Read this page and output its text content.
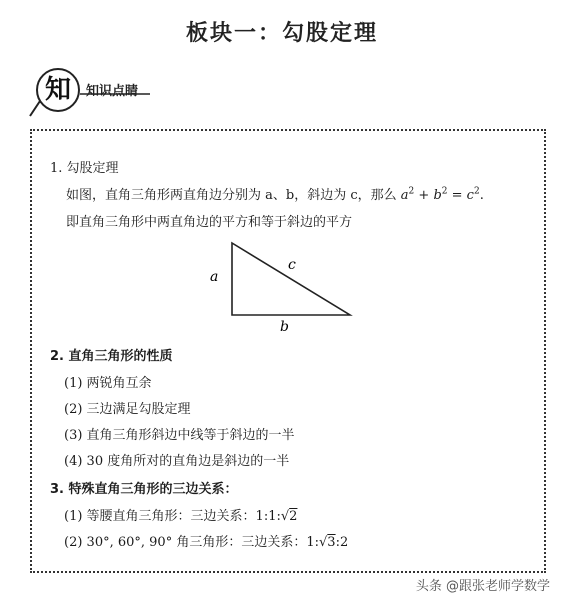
板块一：勾股定理
知	知识点睛
1. 勾股定理
如图，直角三角形两直角边分别为 a、b，斜边为 c，那么 $a^2 + b^2 = c^2$.
即直角三角形中两直角边的平方和等于斜边的平方
a
c
b
2. 直角三角形的性质
(1) 两锐角互余
(2) 三边满足勾股定理
(3) 直角三角形斜边中线等于斜边的一半
(4) 30 度角所对的直角边是斜边的一半
3. 特殊直角三角形的三边关系：
(1) 等腰直角三角形：三边关系：1:1:√2
(2) 30°, 60°, 90° 角三角形：三边关系：1:√3:2
头条 @跟张老师学数学
